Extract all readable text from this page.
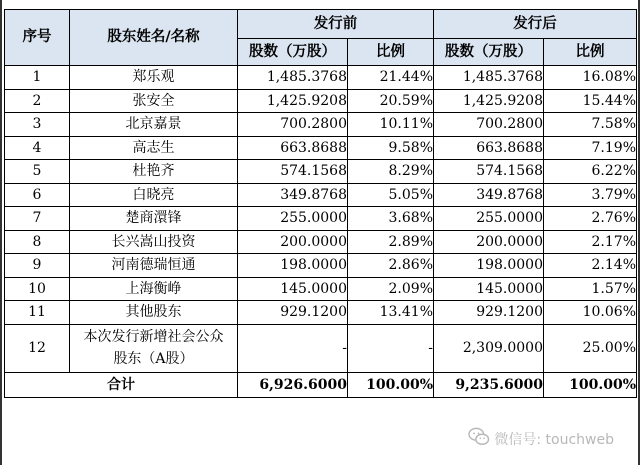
序号	股东姓名/名称	发行前		发行后	
		股数（万股）	比例	股数（万股）	比例
1	郑乐观	1,485.3768	21.44%	1,485.3768	16.08%
2	张安全	1,425.9208	20.59%	1,425.9208	15.44%
3	北京嘉景	700.2800	10.11%	700.2800	7.58%
4	高志生	663.8688	9.58%	663.8688	7.19%
5	杜艳齐	574.1568	8.29%	574.1568	6.22%
6	白晓亮	349.8768	5.05%	349.8768	3.79%
7	楚商澴锋	255.0000	3.68%	255.0000	2.76%
8	长兴嵩山投资	200.0000	2.89%	200.0000	2.17%
9	河南德瑞恒通	198.0000	2.86%	198.0000	2.14%
10	上海衡峥	145.0000	2.09%	145.0000	1.57%
11	其他股东	929.1200	13.41%	929.1200	10.06%
12	本次发行新增社会公众股东（A股）	-	-	2,309.0000	25.00%
合计		6,926.6000	100.00%	9,235.6000	100.00%
微信号: touchweb
